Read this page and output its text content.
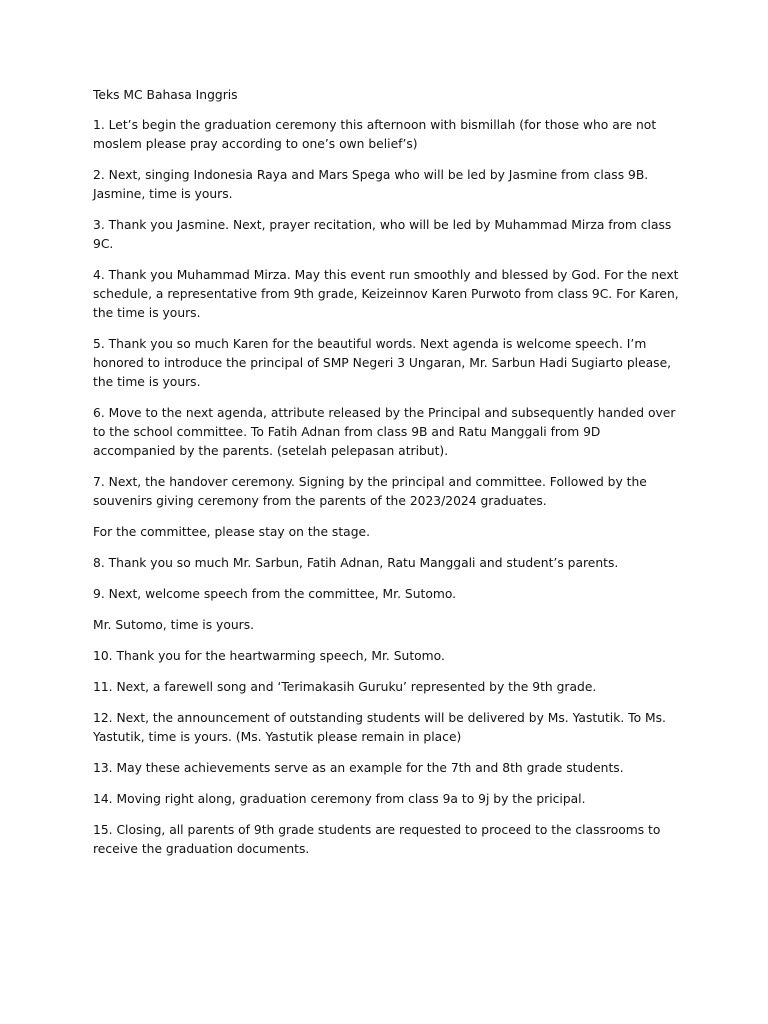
Teks MC Bahasa Inggris

1. Let’s begin the graduation ceremony this afternoon with bismillah (for those who are not moslem please pray according to one’s own belief’s)

2. Next, singing Indonesia Raya and Mars Spega who will be led by Jasmine from class 9B. Jasmine, time is yours.

3. Thank you Jasmine. Next, prayer recitation, who will be led by Muhammad Mirza from class 9C.

4. Thank you Muhammad Mirza. May this event run smoothly and blessed by God. For the next schedule, a representative from 9th grade, Keizeinnov Karen Purwoto from class 9C. For Karen, the time is yours.

5. Thank you so much Karen for the beautiful words. Next agenda is welcome speech. I’m honored to introduce the principal of SMP Negeri 3 Ungaran, Mr. Sarbun Hadi Sugiarto please, the time is yours.

6. Move to the next agenda, attribute released by the Principal and subsequently handed over to the school committee. To Fatih Adnan from class 9B and Ratu Manggali from 9D accompanied by the parents. (setelah pelepasan atribut).

7. Next, the handover ceremony. Signing by the principal and committee. Followed by the souvenirs giving ceremony from the parents of the 2023/2024 graduates.

For the committee, please stay on the stage.

8. Thank you so much Mr. Sarbun, Fatih Adnan, Ratu Manggali and student’s parents.

9. Next, welcome speech from the committee, Mr. Sutomo.

Mr. Sutomo, time is yours.

10. Thank you for the heartwarming speech, Mr. Sutomo.

11. Next, a farewell song and ‘Terimakasih Guruku’ represented by the 9th grade.

12. Next, the announcement of outstanding students will be delivered by Ms. Yastutik. To Ms. Yastutik, time is yours. (Ms. Yastutik please remain in place)

13. May these achievements serve as an example for the 7th and 8th grade students.

14. Moving right along, graduation ceremony from class 9a to 9j by the pricipal.

15. Closing, all parents of 9th grade students are requested to proceed to the classrooms to receive the graduation documents.
